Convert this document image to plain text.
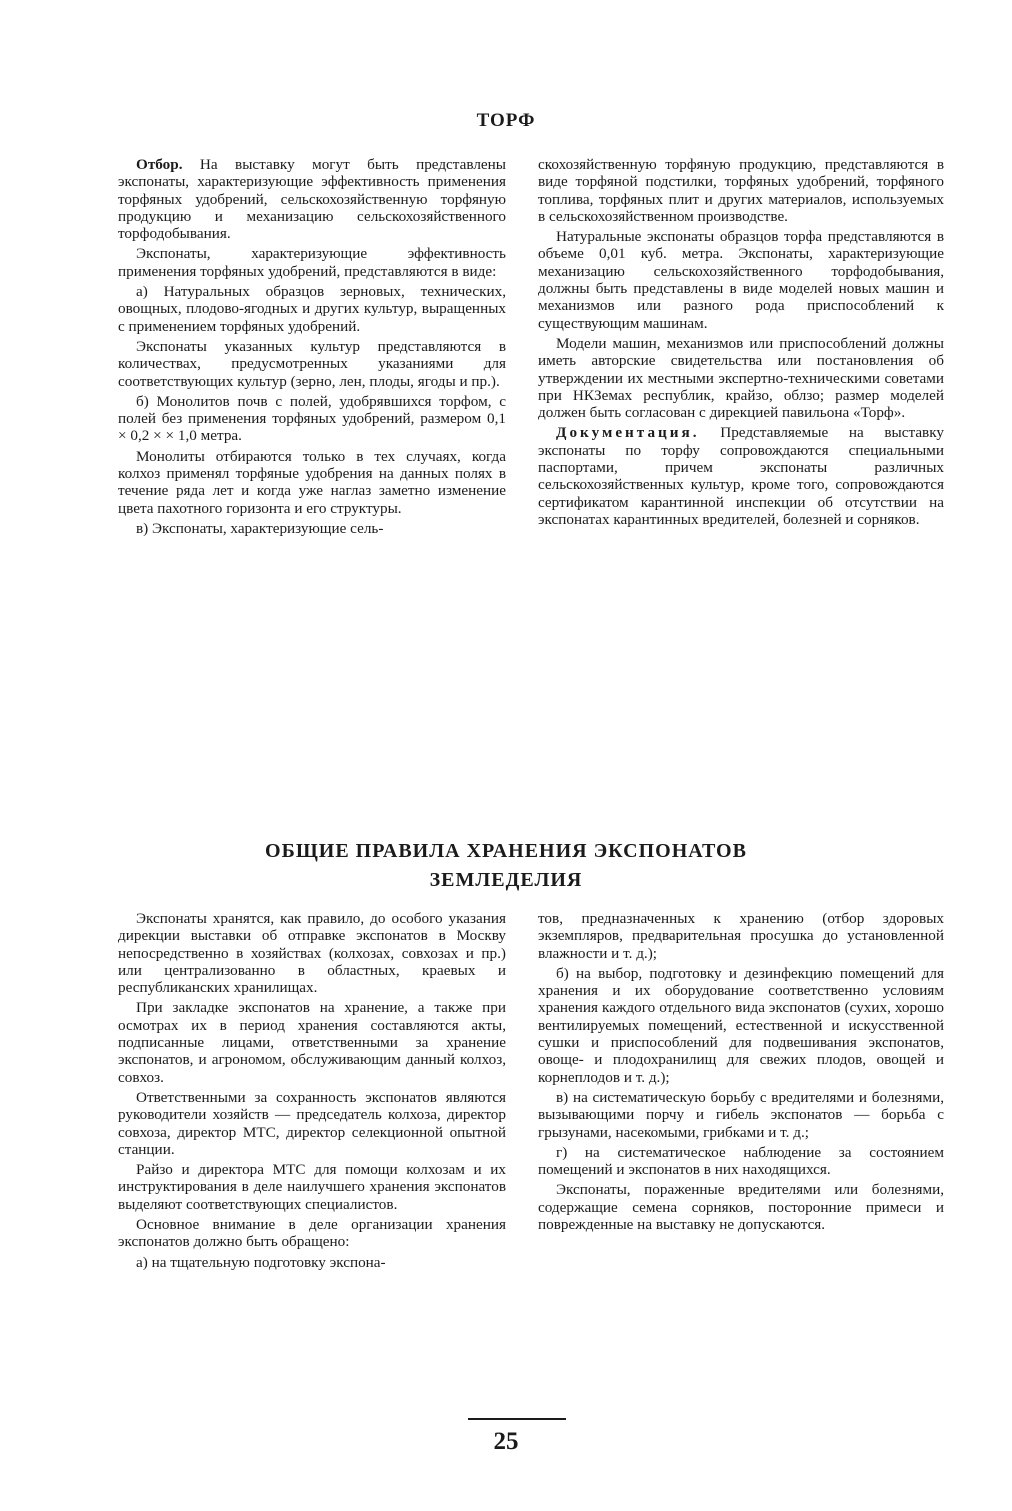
ТОРФ

Отбор. На выставку могут быть представлены экспонаты, характеризующие эффективность применения торфяных удобрений, сельскохозяйственную торфяную продукцию и механизацию сельскохозяйственного торфодобывания.

Экспонаты, характеризующие эффективность применения торфяных удобрений, представляются в виде:

а) Натуральных образцов зерновых, технических, овощных, плодово-ягодных и других культур, выращенных с применением торфяных удобрений.

Экспонаты указанных культур представляются в количествах, предусмотренных указаниями для соответствующих культур (зерно, лен, плоды, ягоды и пр.).

б) Монолитов почв с полей, удобрявшихся торфом, с полей без применения торфяных удобрений, размером 0,1 × 0,2 × × 1,0 метра.

Монолиты отбираются только в тех случаях, когда колхоз применял торфяные удобрения на данных полях в течение ряда лет и когда уже наглаз заметно изменение цвета пахотного горизонта и его структуры.

в) Экспонаты, характеризующие сель-

скохозяйственную торфяную продукцию, представляются в виде торфяной подстилки, торфяных удобрений, торфяного топлива, торфяных плит и других материалов, используемых в сельскохозяйственном производстве.

Натуральные экспонаты образцов торфа представляются в объеме 0,01 куб. метра. Экспонаты, характеризующие механизацию сельскохозяйственного торфодобывания, должны быть представлены в виде моделей новых машин и механизмов или разного рода приспособлений к существующим машинам.

Модели машин, механизмов или приспособлений должны иметь авторские свидетельства или постановления об утверждении их местными экспертно-техническими советами при НКЗемах республик, крайзо, облзо; размер моделей должен быть согласован с дирекцией павильона «Торф».

Документация. Представляемые на выставку экспонаты по торфу сопровождаются специальными паспортами, причем экспонаты различных сельскохозяйственных культур, кроме того, сопровождаются сертификатом карантинной инспекции об отсутствии на экспонатах карантинных вредителей, болезней и сорняков.

ОБЩИЕ ПРАВИЛА ХРАНЕНИЯ ЭКСПОНАТОВ
ЗЕМЛЕДЕЛИЯ

Экспонаты хранятся, как правило, до особого указания дирекции выставки об отправке экспонатов в Москву непосредственно в хозяйствах (колхозах, совхозах и пр.) или централизованно в областных, краевых и республиканских хранилищах.

При закладке экспонатов на хранение, а также при осмотрах их в период хранения составляются акты, подписанные лицами, ответственными за хранение экспонатов, и агрономом, обслуживающим данный колхоз, совхоз.

Ответственными за сохранность экспонатов являются руководители хозяйств — председатель колхоза, директор совхоза, директор МТС, директор селекционной опытной станции.

Райзо и директора МТС для помощи колхозам и их инструктирования в деле наилучшего хранения экспонатов выделяют соответствующих специалистов.

Основное внимание в деле организации хранения экспонатов должно быть обращено:

а) на тщательную подготовку экспона-

тов, предназначенных к хранению (отбор здоровых экземпляров, предварительная просушка до установленной влажности и т. д.);

б) на выбор, подготовку и дезинфекцию помещений для хранения и их оборудование соответственно условиям хранения каждого отдельного вида экспонатов (сухих, хорошо вентилируемых помещений, естественной и искусственной сушки и приспособлений для подвешивания экспонатов, овоще- и плодохранилищ для свежих плодов, овощей и корнеплодов и т. д.);

в) на систематическую борьбу с вредителями и болезнями, вызывающими порчу и гибель экспонатов — борьба с грызунами, насекомыми, грибками и т. д.;

г) на систематическое наблюдение за состоянием помещений и экспонатов в них находящихся.

Экспонаты, пораженные вредителями или болезнями, содержащие семена сорняков, посторонние примеси и поврежденные на выставку не допускаются.

25
